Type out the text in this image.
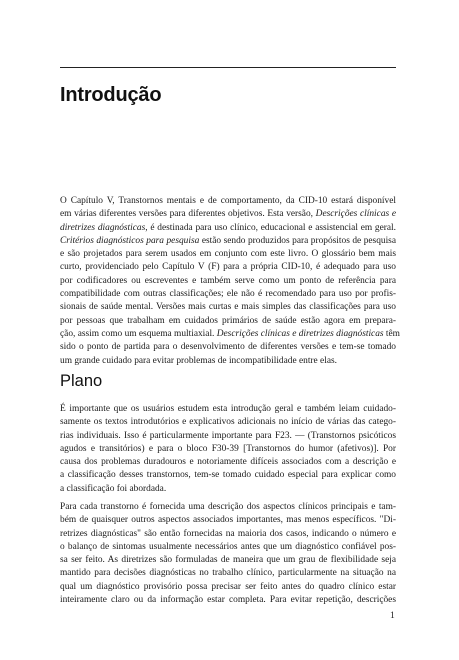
Introdução
O Capítulo V, Transtornos mentais e de comportamento, da CID-10 estará disponível
em várias diferentes versões para diferentes objetivos. Esta versão, Descrições clínicas e
diretrizes diagnósticas, é destinada para uso clínico, educacional e assistencial em geral.
Critérios diagnósticos para pesquisa estão sendo produzidos para propósitos de pesquisa
e são projetados para serem usados em conjunto com este livro. O glossário bem mais
curto, providenciado pelo Capítulo V (F) para a própria CID-10, é adequado para uso
por codificadores ou escreventes e também serve como um ponto de referência para
compatibilidade com outras classificações; ele não é recomendado para uso por profis-
sionais de saúde mental. Versões mais curtas e mais simples das classificações para uso
por pessoas que trabalham em cuidados primários de saúde estão agora em prepara-
ção, assim como um esquema multiaxial. Descrições clínicas e diretrizes diagnósticas têm
sido o ponto de partida para o desenvolvimento de diferentes versões e tem-se tomado
um grande cuidado para evitar problemas de incompatibilidade entre elas.
Plano
É importante que os usuários estudem esta introdução geral e também leiam cuidado-
samente os textos introdutórios e explicativos adicionais no início de várias das catego-
rias individuais. Isso é particularmente importante para F23. — (Transtornos psicóticos
agudos e transitórios) e para o bloco F30-39 [Transtornos do humor (afetivos)]. Por
causa dos problemas duradouros e notoriamente difíceis associados com a descrição e
a classificação desses transtornos, tem-se tomado cuidado especial para explicar como
a classificação foi abordada.
Para cada transtorno é fornecida uma descrição dos aspectos clínicos principais e tam-
bém de quaisquer outros aspectos associados importantes, mas menos específicos. "Di-
retrizes diagnósticas" são então fornecidas na maioria dos casos, indicando o número e
o balanço de sintomas usualmente necessários antes que um diagnóstico confiável pos-
sa ser feito. As diretrizes são formuladas de maneira que um grau de flexibilidade seja
mantido para decisões diagnósticas no trabalho clínico, particularmente na situação na
qual um diagnóstico provisório possa precisar ser feito antes do quadro clínico estar
inteiramente claro ou da informação estar completa. Para evitar repetição, descrições
1
